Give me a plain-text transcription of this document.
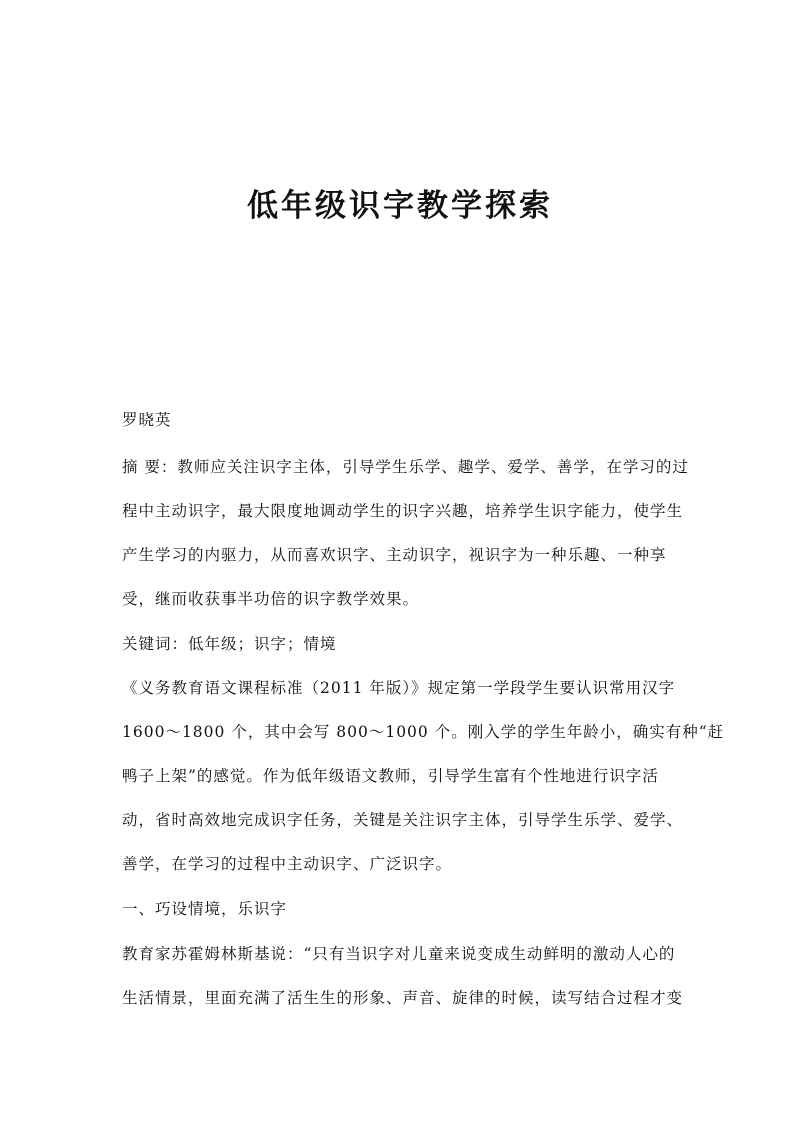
低年级识字教学探索

罗晓英

摘 要：教师应关注识字主体，引导学生乐学、趣学、爱学、善学，在学习的过
程中主动识字，最大限度地调动学生的识字兴趣，培养学生识字能力，使学生
产生学习的内驱力，从而喜欢识字、主动识字，视识字为一种乐趣、一种享
受，继而收获事半功倍的识字教学效果。

关键词：低年级；识字；情境

《义务教育语文课程标准（2011 年版）》规定第一学段学生要认识常用汉字
1600～1800 个，其中会写 800～1000 个。刚入学的学生年龄小，确实有种“赶
鸭子上架”的感觉。作为低年级语文教师，引导学生富有个性地进行识字活
动，省时高效地完成识字任务，关键是关注识字主体，引导学生乐学、爱学、
善学，在学习的过程中主动识字、广泛识字。

一、巧设情境，乐识字

教育家苏霍姆林斯基说：“只有当识字对儿童来说变成生动鲜明的激动人心的
生活情景，里面充满了活生生的形象、声音、旋律的时候，读写结合过程才变
